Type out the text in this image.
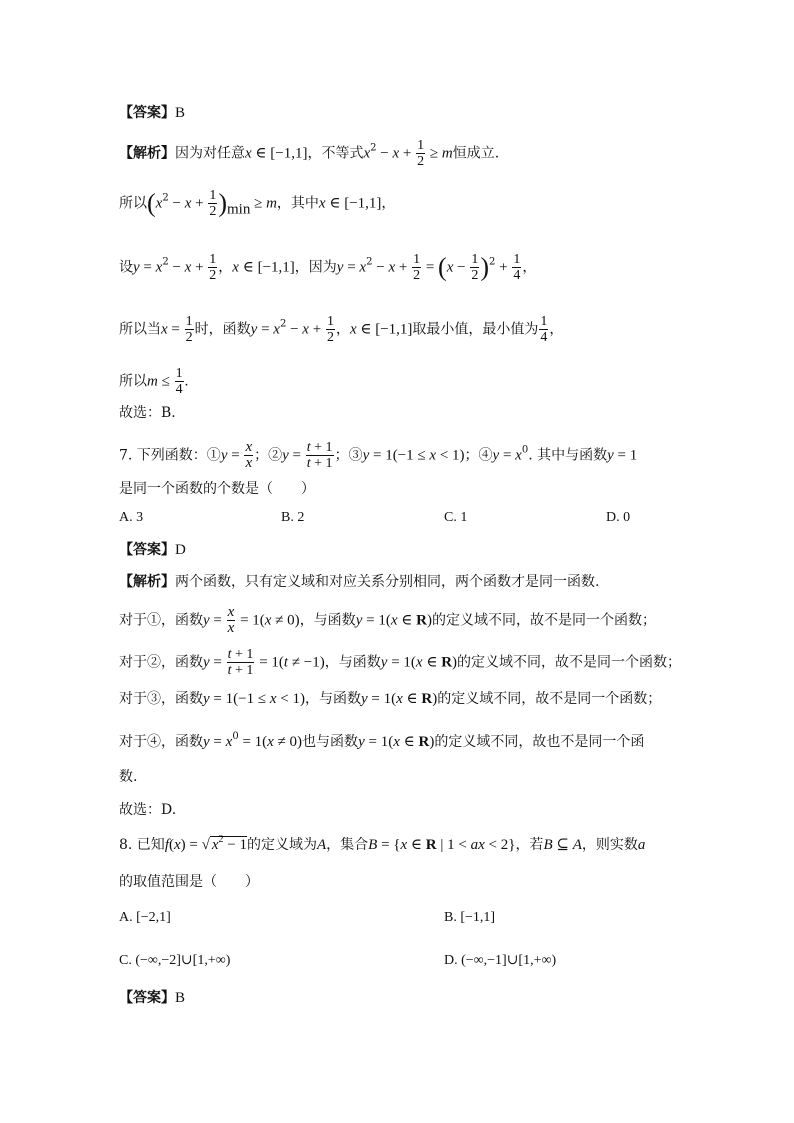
【答案】B
【解析】因为对任意x ∈ [−1,1]，不等式$x^2 - x + \frac{1}{2} \ge m$恒成立.
所以$(x^2 - x + \frac{1}{2} )_{min} \ge m$，其中x ∈ [−1,1]，
设$y = x^2 - x + \frac{1}{2}$ ，x ∈ [−1,1]，因为$y = x^2 - x + \frac{1}{2} = (x - \frac{1}{2} )^2 + \frac{1}{4}$ ，
所以当$x = \frac{1}{2}$ 时，函数$y = x^2 - x + \frac{1}{2}$ ，x ∈ [−1,1]取最小值，最小值为 $\frac{1}{4}$ ，
所以$m \le \frac{1}{4}$ .
故选：B.
7. 下列函数：①y = $\frac{x}{x}$ ；②y = $\frac{t + 1}{t + 1}$ ；③y = 1(−1 ≤ x < 1)；④y = $x^0$. 其中与函数y = 1
是同一个函数的个数是（　　）
A. 3	B. 2	C. 1	D. 0
【答案】D
【解析】两个函数，只有定义域和对应关系分别相同，两个函数才是同一函数.
对于①，函数$y = \frac{x}{x} = 1(x \ne 0)$，与函数y = 1(x ∈ R)的定义域不同，故不是同一个函数；
对于②，函数$y = \frac{t + 1}{t + 1} = 1(t \ne -1)$，与函数y = 1(x ∈ R)的定义域不同，故不是同一个函数；
对于③，函数y = 1(−1 ≤ x < 1)，与函数y = 1(x ∈ R)的定义域不同，故不是同一个函数；
对于④，函数$y = x^0 = 1(x \ne 0)$也与函数y = 1(x ∈ R)的定义域不同，故也不是同一个函
数.
故选：D.
8. 已知f(x) = √ $x^2 - 1$的定义域为A，集合B = {x ∈ R | 1 < ax < 2}，若B ⊆ A，则实数a
的取值范围是（　　）
A. [−2,1]	B. [−1,1]
C. (−∞,−2]∪[1,+∞)	D. (−∞,−1]∪[1,+∞)
【答案】B
